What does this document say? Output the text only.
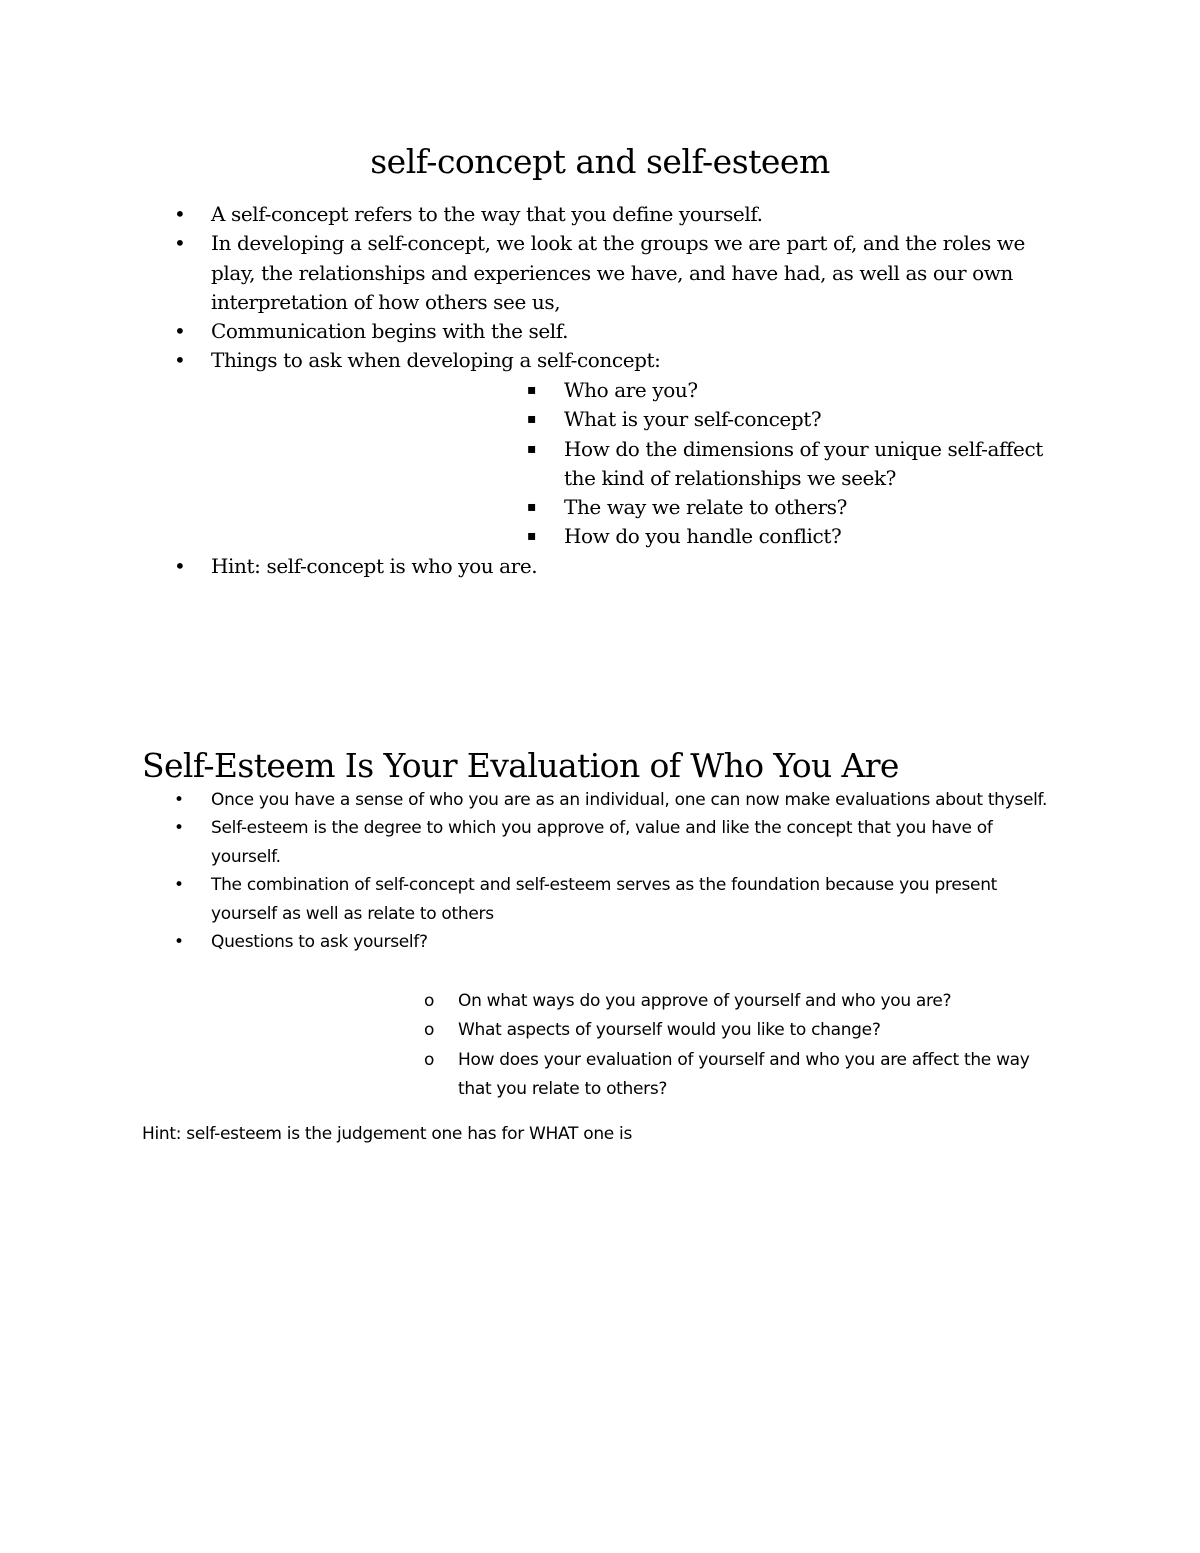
self-concept and self-esteem
• A self-concept refers to the way that you define yourself.
• In developing a self-concept, we look at the groups we are part of, and the roles we play, the relationships and experiences we have, and have had, as well as our own interpretation of how others see us,
• Communication begins with the self.
• Things to ask when developing a self-concept:
▪ Who are you?
▪ What is your self-concept?
▪ How do the dimensions of your unique self-affect the kind of relationships we seek?
▪ The way we relate to others?
▪ How do you handle conflict?
• Hint: self-concept is who you are.
Self-Esteem Is Your Evaluation of Who You Are
• Once you have a sense of who you are as an individual, one can now make evaluations about thyself.
• Self-esteem is the degree to which you approve of, value and like the concept that you have of yourself.
• The combination of self-concept and self-esteem serves as the foundation because you present yourself as well as relate to others
• Questions to ask yourself?
o On what ways do you approve of yourself and who you are?
o What aspects of yourself would you like to change?
o How does your evaluation of yourself and who you are affect the way that you relate to others?
Hint: self-esteem is the judgement one has for WHAT one is
